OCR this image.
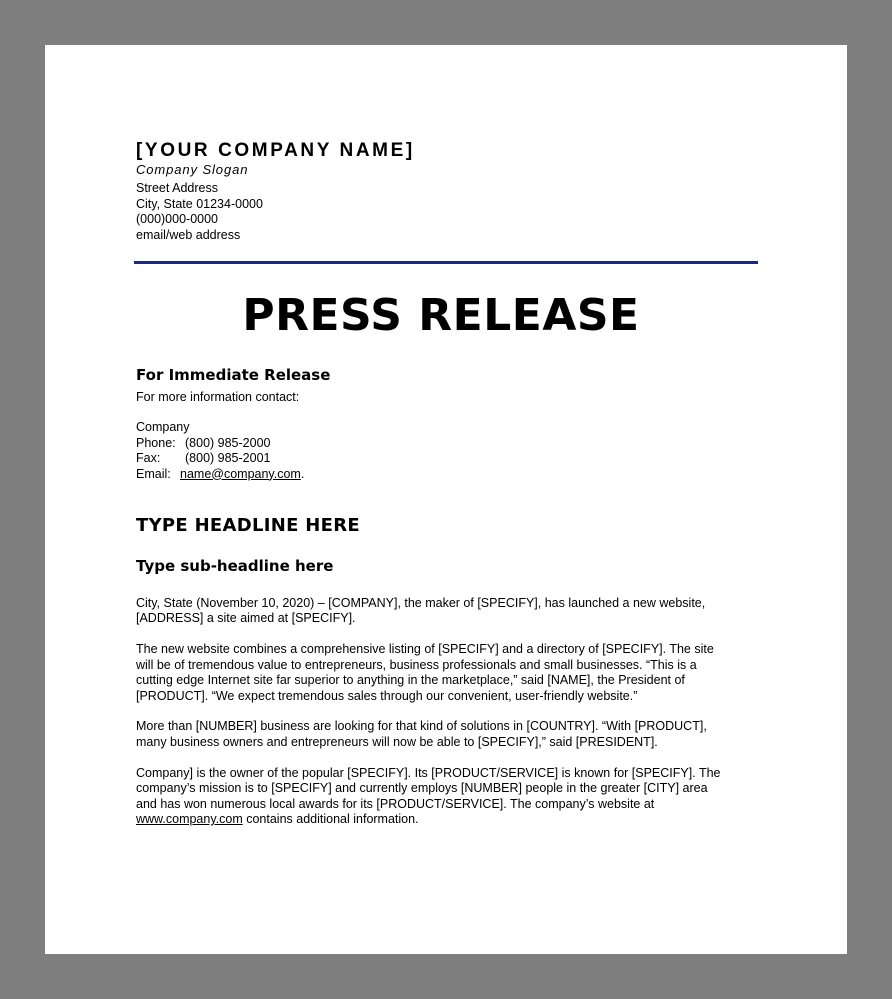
[YOUR COMPANY NAME]
Company Slogan
Street Address
City, State 01234-0000
(000)000-0000
email/web address
PRESS RELEASE
For Immediate Release
For more information contact:
Company
Phone: (800) 985-2000
Fax: (800) 985-2001
Email: name@company.com.
TYPE HEADLINE HERE
Type sub-headline here

City, State (November 10, 2020) – [COMPANY], the maker of [SPECIFY], has launched a new website,
[ADDRESS] a site aimed at [SPECIFY].

The new website combines a comprehensive listing of [SPECIFY] and a directory of [SPECIFY]. The site
will be of tremendous value to entrepreneurs, business professionals and small businesses. “This is a
cutting edge Internet site far superior to anything in the marketplace,” said [NAME], the President of
[PRODUCT]. “We expect tremendous sales through our convenient, user-friendly website.”

More than [NUMBER] business are looking for that kind of solutions in [COUNTRY]. “With [PRODUCT],
many business owners and entrepreneurs will now be able to [SPECIFY],” said [PRESIDENT].

Company] is the owner of the popular [SPECIFY]. Its [PRODUCT/SERVICE] is known for [SPECIFY]. The
company’s mission is to [SPECIFY] and currently employs [NUMBER] people in the greater [CITY] area
and has won numerous local awards for its [PRODUCT/SERVICE]. The company’s website at
www.company.com contains additional information.
